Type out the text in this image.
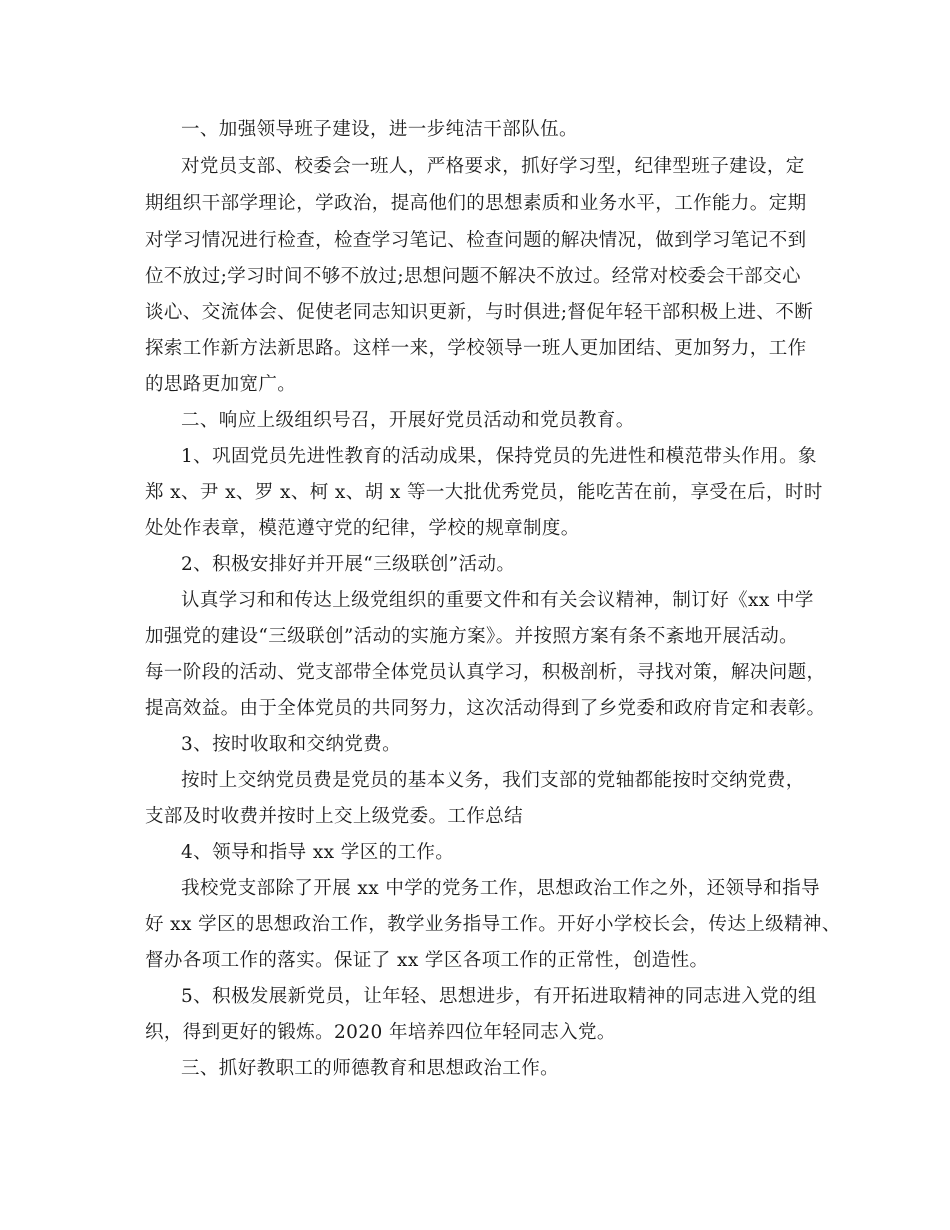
一、加强领导班子建设，进一步纯洁干部队伍。
对党员支部、校委会一班人，严格要求，抓好学习型，纪律型班子建设，定
期组织干部学理论，学政治，提高他们的思想素质和业务水平，工作能力。定期
对学习情况进行检查，检查学习笔记、检查问题的解决情况，做到学习笔记不到
位不放过;学习时间不够不放过;思想问题不解决不放过。经常对校委会干部交心
谈心、交流体会、促使老同志知识更新，与时俱进;督促年轻干部积极上进、不断
探索工作新方法新思路。这样一来，学校领导一班人更加团结、更加努力，工作
的思路更加宽广。
二、响应上级组织号召，开展好党员活动和党员教育。
1、巩固党员先进性教育的活动成果，保持党员的先进性和模范带头作用。象
郑 x、尹 x、罗 x、柯 x、胡 x 等一大批优秀党员，能吃苦在前，享受在后，时时
处处作表章，模范遵守党的纪律，学校的规章制度。
2、积极安排好并开展“三级联创”活动。
认真学习和和传达上级党组织的重要文件和有关会议精神，制订好《xx 中学
加强党的建设“三级联创”活动的实施方案》。并按照方案有条不紊地开展活动。
每一阶段的活动、党支部带全体党员认真学习，积极剖析，寻找对策，解决问题，
提高效益。由于全体党员的共同努力，这次活动得到了乡党委和政府肯定和表彰。
3、按时收取和交纳党费。
按时上交纳党员费是党员的基本义务，我们支部的党轴都能按时交纳党费，
支部及时收费并按时上交上级党委。工作总结
4、领导和指导 xx 学区的工作。
我校党支部除了开展 xx 中学的党务工作，思想政治工作之外，还领导和指导
好 xx 学区的思想政治工作，教学业务指导工作。开好小学校长会，传达上级精神、
督办各项工作的落实。保证了 xx 学区各项工作的正常性，创造性。
5、积极发展新党员，让年轻、思想进步，有开拓进取精神的同志进入党的组
织，得到更好的锻炼。2020 年培养四位年轻同志入党。
三、抓好教职工的师德教育和思想政治工作。
